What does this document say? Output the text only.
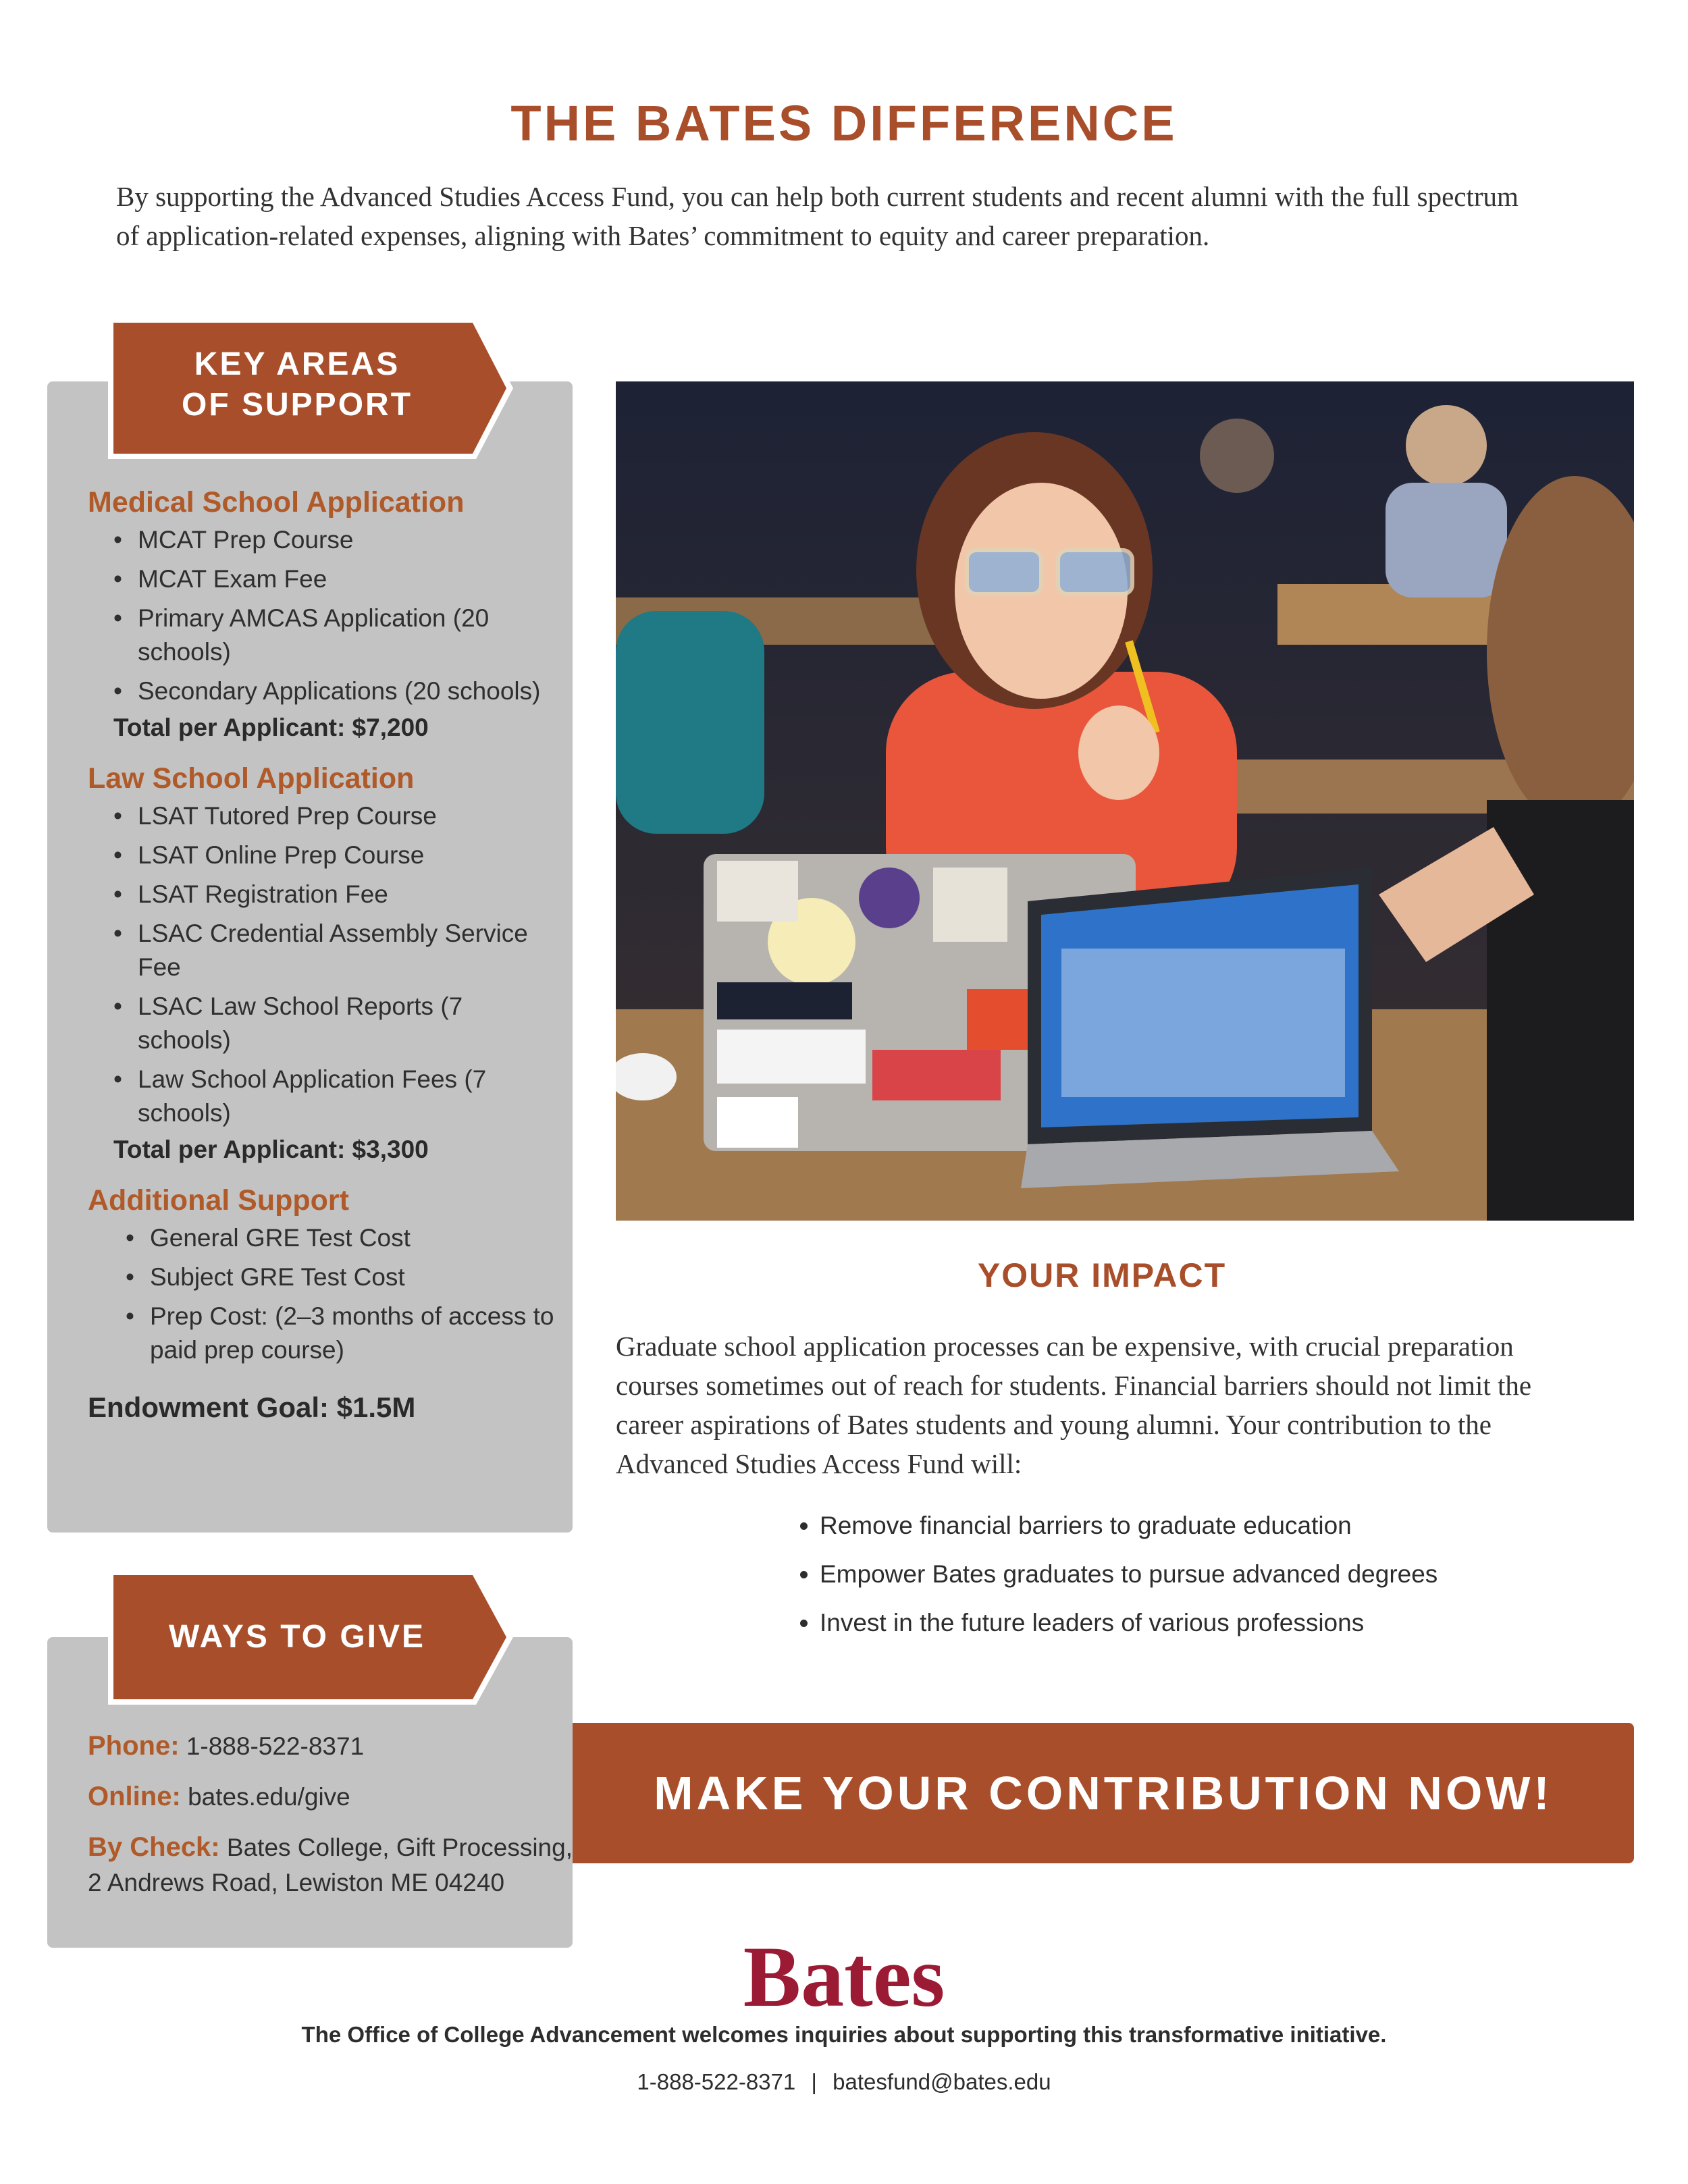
THE BATES DIFFERENCE
By supporting the Advanced Studies Access Fund, you can help both current students and recent alumni with the full spectrum of application-related expenses, aligning with Bates’ commitment to equity and career preparation.
KEY AREAS
OF SUPPORT
Medical School Application
• MCAT Prep Course
• MCAT Exam Fee
• Primary AMCAS Application (20 schools)
• Secondary Applications (20 schools)
Total per Applicant: $7,200
Law School Application
• LSAT Tutored Prep Course
• LSAT Online Prep Course
• LSAT Registration Fee
• LSAC Credential Assembly Service Fee
• LSAC Law School Reports (7 schools)
• Law School Application Fees (7 schools)
Total per Applicant: $3,300
Additional Support
• General GRE Test Cost
• Subject GRE Test Cost
• Prep Cost: (2–3 months of access to paid prep course)
Endowment Goal: $1.5M
WAYS TO GIVE
Phone: 1-888-522-8371
Online: bates.edu/give
By Check: Bates College, Gift Processing, 2 Andrews Road, Lewiston ME 04240
YOUR IMPACT
Graduate school application processes can be expensive, with crucial preparation courses sometimes out of reach for students. Financial barriers should not limit the career aspirations of Bates students and young alumni. Your contribution to the Advanced Studies Access Fund will:
• Remove financial barriers to graduate education
• Empower Bates graduates to pursue advanced degrees
• Invest in the future leaders of various professions
MAKE YOUR CONTRIBUTION NOW!
Bates
The Office of College Advancement welcomes inquiries about supporting this transformative initiative.
1-888-522-8371 | batesfund@bates.edu
